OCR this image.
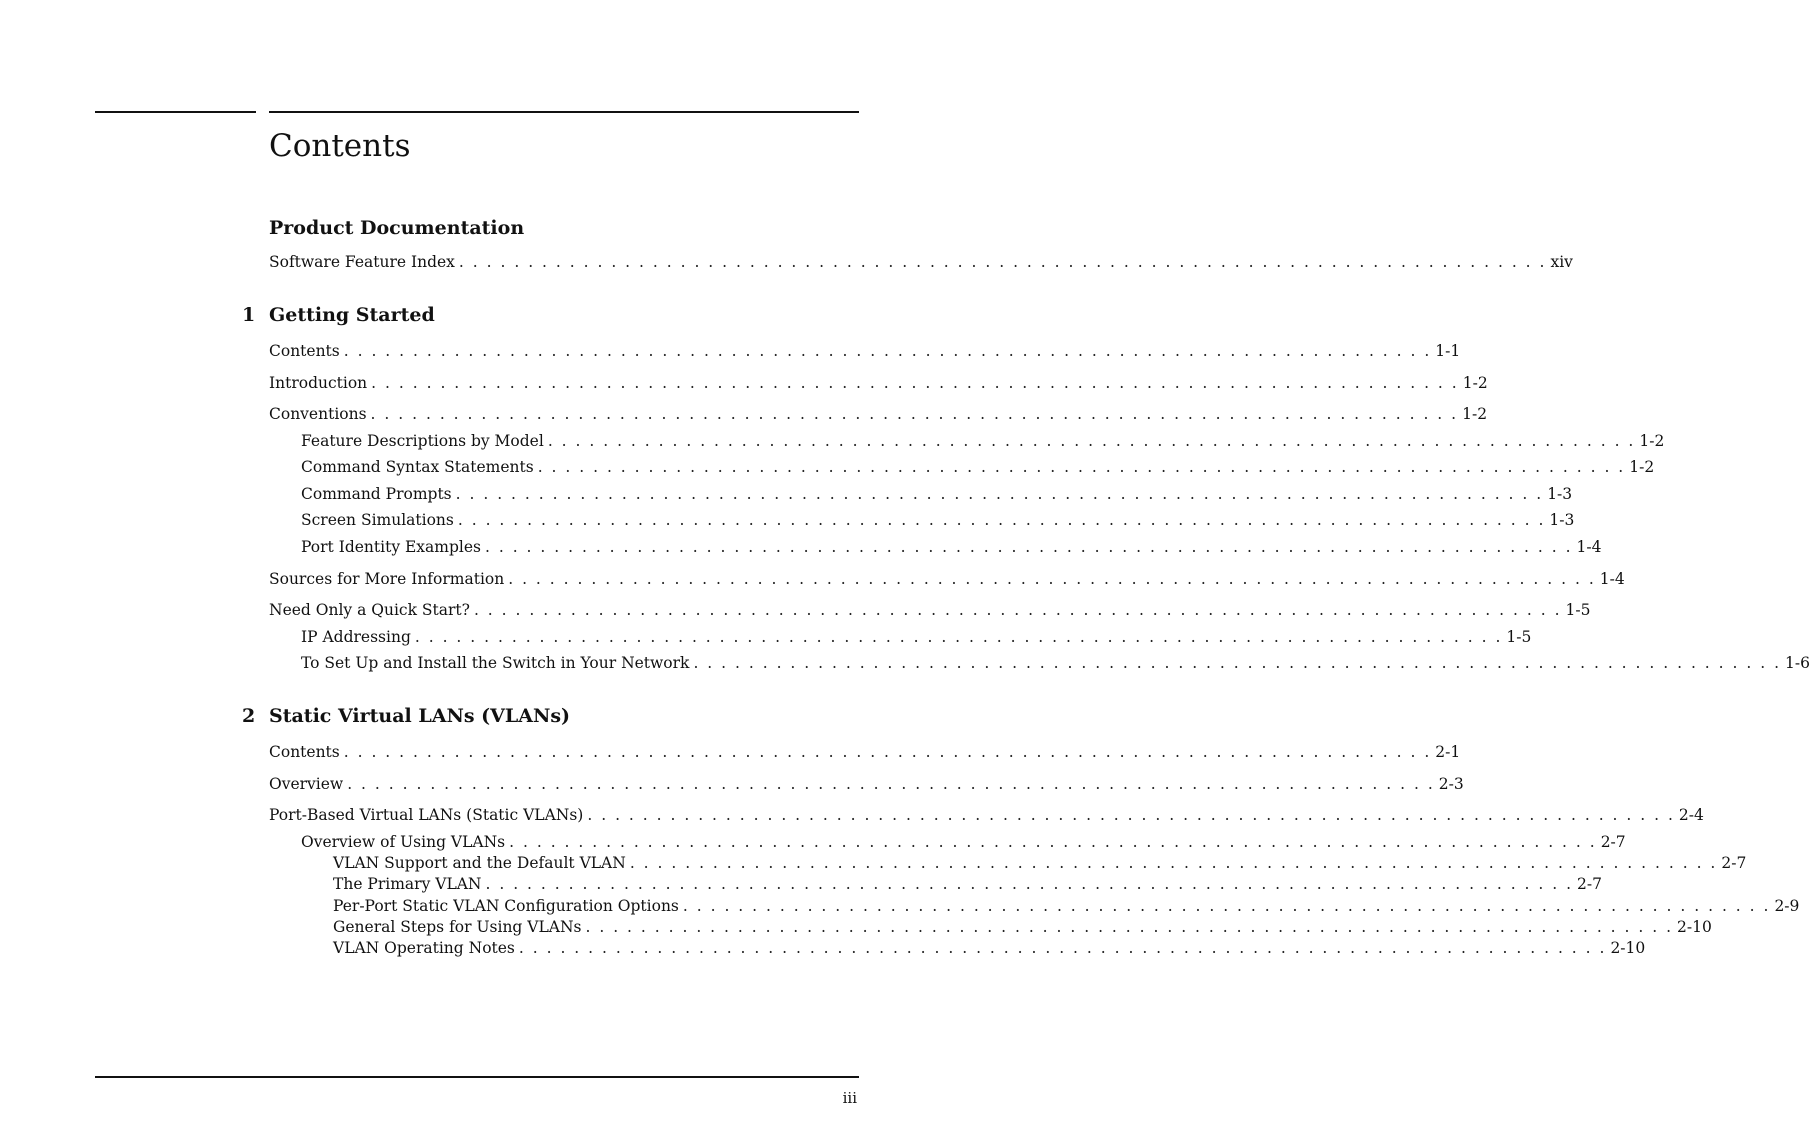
Contents
Product Documentation
Software Feature Index . . . . . . . . . . . . . . . . . . . . . . . . . . . . . . . . . . . . . . . . . . . . . . . . . . . . . . . . . . . . . . . . . . . . . . . . . . . . . . . xiv
1 Getting Started
Contents . . . . . . . . . . . . . . . . . . . . . . . . . . . . . . . . . . . . . . . . . . . . . . . . . . . . . . . . . . . . . . . . . . . . . . . . . . . . . . . 1-1
Introduction . . . . . . . . . . . . . . . . . . . . . . . . . . . . . . . . . . . . . . . . . . . . . . . . . . . . . . . . . . . . . . . . . . . . . . . . . . . . . . . 1-2
Conventions . . . . . . . . . . . . . . . . . . . . . . . . . . . . . . . . . . . . . . . . . . . . . . . . . . . . . . . . . . . . . . . . . . . . . . . . . . . . . . . 1-2
Feature Descriptions by Model . . . . . . . . . . . . . . . . . . . . . . . . . . . . . . . . . . . . . . . . . . . . . . . . . . . . . . . . . . . . . . . . . . . . . . . . . . . . . . . 1-2
Command Syntax Statements . . . . . . . . . . . . . . . . . . . . . . . . . . . . . . . . . . . . . . . . . . . . . . . . . . . . . . . . . . . . . . . . . . . . . . . . . . . . . . . 1-2
Command Prompts . . . . . . . . . . . . . . . . . . . . . . . . . . . . . . . . . . . . . . . . . . . . . . . . . . . . . . . . . . . . . . . . . . . . . . . . . . . . . . . 1-3
Screen Simulations . . . . . . . . . . . . . . . . . . . . . . . . . . . . . . . . . . . . . . . . . . . . . . . . . . . . . . . . . . . . . . . . . . . . . . . . . . . . . . . 1-3
Port Identity Examples . . . . . . . . . . . . . . . . . . . . . . . . . . . . . . . . . . . . . . . . . . . . . . . . . . . . . . . . . . . . . . . . . . . . . . . . . . . . . . . 1-4
Sources for More Information . . . . . . . . . . . . . . . . . . . . . . . . . . . . . . . . . . . . . . . . . . . . . . . . . . . . . . . . . . . . . . . . . . . . . . . . . . . . . . . 1-4
Need Only a Quick Start? . . . . . . . . . . . . . . . . . . . . . . . . . . . . . . . . . . . . . . . . . . . . . . . . . . . . . . . . . . . . . . . . . . . . . . . . . . . . . . . 1-5
IP Addressing . . . . . . . . . . . . . . . . . . . . . . . . . . . . . . . . . . . . . . . . . . . . . . . . . . . . . . . . . . . . . . . . . . . . . . . . . . . . . . . 1-5
To Set Up and Install the Switch in Your Network . . . . . . . . . . . . . . . . . . . . . . . . . . . . . . . . . . . . . . . . . . . . . . . . . . . . . . . . . . . . . . . . . . . . . . . . . . . . . . . 1-6
2 Static Virtual LANs (VLANs)
Contents . . . . . . . . . . . . . . . . . . . . . . . . . . . . . . . . . . . . . . . . . . . . . . . . . . . . . . . . . . . . . . . . . . . . . . . . . . . . . . . 2-1
Overview . . . . . . . . . . . . . . . . . . . . . . . . . . . . . . . . . . . . . . . . . . . . . . . . . . . . . . . . . . . . . . . . . . . . . . . . . . . . . . . 2-3
Port-Based Virtual LANs (Static VLANs) . . . . . . . . . . . . . . . . . . . . . . . . . . . . . . . . . . . . . . . . . . . . . . . . . . . . . . . . . . . . . . . . . . . . . . . . . . . . . . . 2-4
Overview of Using VLANs . . . . . . . . . . . . . . . . . . . . . . . . . . . . . . . . . . . . . . . . . . . . . . . . . . . . . . . . . . . . . . . . . . . . . . . . . . . . . . . 2-7
VLAN Support and the Default VLAN . . . . . . . . . . . . . . . . . . . . . . . . . . . . . . . . . . . . . . . . . . . . . . . . . . . . . . . . . . . . . . . . . . . . . . . . . . . . . . . 2-7
The Primary VLAN . . . . . . . . . . . . . . . . . . . . . . . . . . . . . . . . . . . . . . . . . . . . . . . . . . . . . . . . . . . . . . . . . . . . . . . . . . . . . . . 2-7
Per-Port Static VLAN Configuration Options . . . . . . . . . . . . . . . . . . . . . . . . . . . . . . . . . . . . . . . . . . . . . . . . . . . . . . . . . . . . . . . . . . . . . . . . . . . . . . . 2-9
General Steps for Using VLANs . . . . . . . . . . . . . . . . . . . . . . . . . . . . . . . . . . . . . . . . . . . . . . . . . . . . . . . . . . . . . . . . . . . . . . . . . . . . . . . 2-10
VLAN Operating Notes . . . . . . . . . . . . . . . . . . . . . . . . . . . . . . . . . . . . . . . . . . . . . . . . . . . . . . . . . . . . . . . . . . . . . . . . . . . . . . . 2-10
iii
